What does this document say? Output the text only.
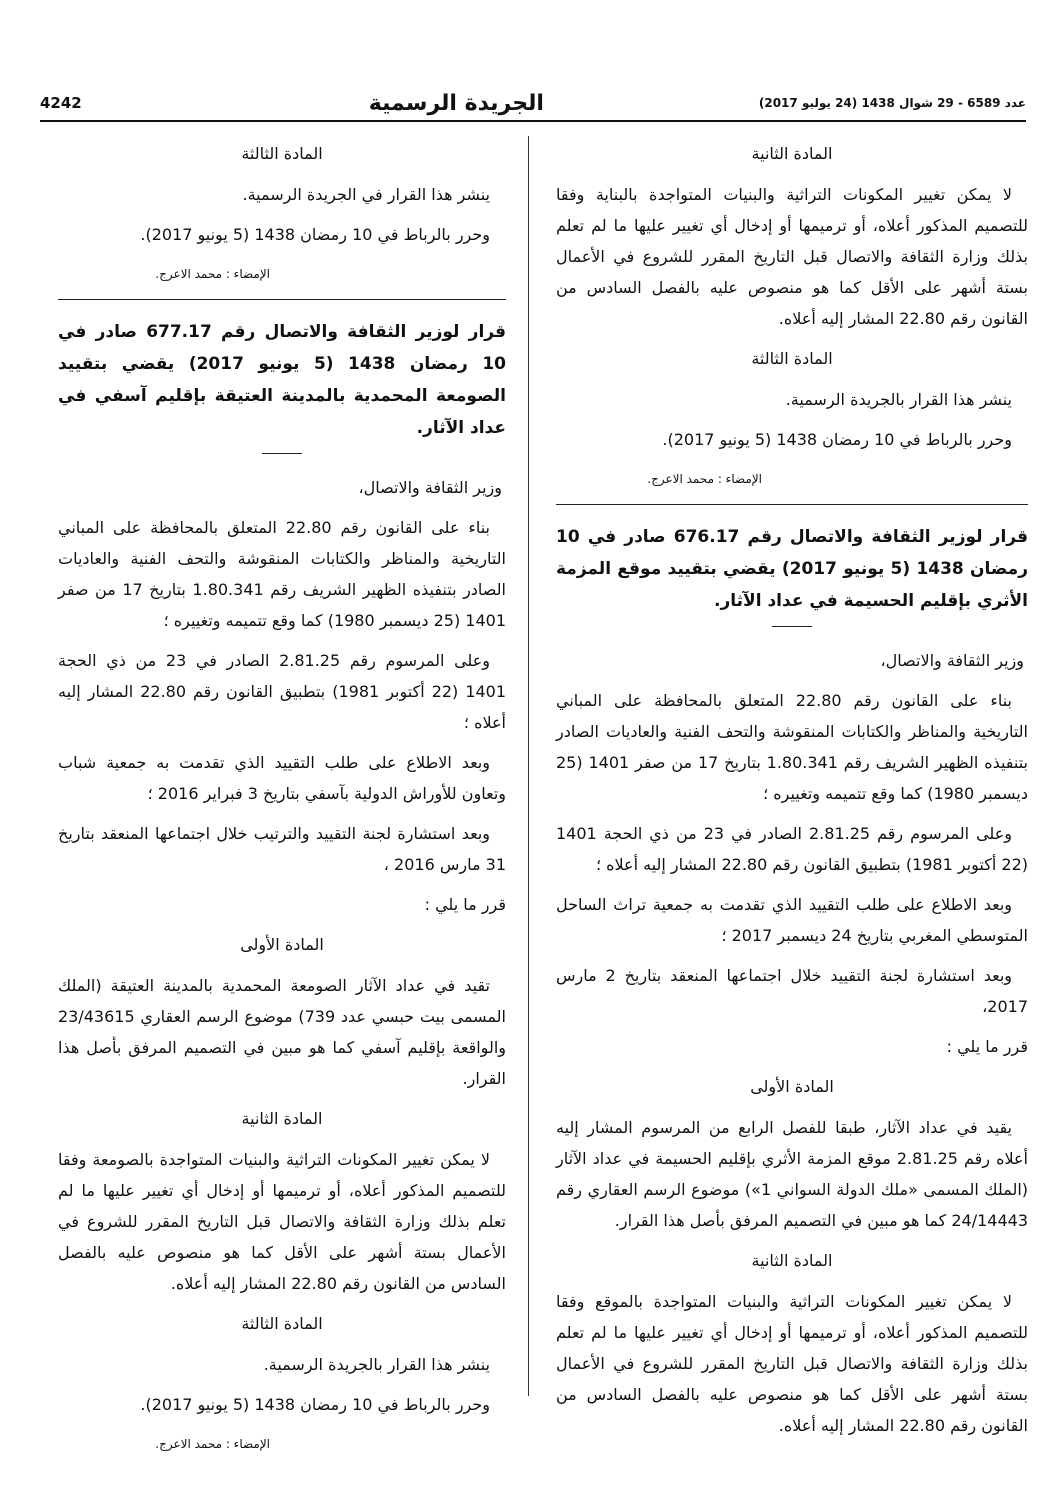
4242	الجريدة الرسمية	عدد 6589 - 29 شوال 1438 (24 يوليو 2017)

المادة الثانية

لا يمكن تغيير المكونات التراثية والبنيات المتواجدة بالبناية وفقا للتصميم المذكور أعلاه، أو ترميمها أو إدخال أي تغيير عليها ما لم تعلم بذلك وزارة الثقافة والاتصال قبل التاريخ المقرر للشروع في الأعمال بستة أشهر على الأقل كما هو منصوص عليه بالفصل السادس من القانون رقم 22.80 المشار إليه أعلاه.

المادة الثالثة

ينشر هذا القرار بالجريدة الرسمية.

وحرر بالرباط في 10 رمضان 1438 (5 يونيو 2017).

الإمضاء : محمد الاعرج.

قرار لوزير الثقافة والاتصال رقم 676.17 صادر في 10 رمضان 1438 (5 يونيو 2017) يقضي بتقييد موقع المزمة الأثري بإقليم الحسيمة في عداد الآثار.

وزير الثقافة والاتصال،

بناء على القانون رقم 22.80 المتعلق بالمحافظة على المباني التاريخية والمناظر والكتابات المنقوشة والتحف الفنية والعاديات الصادر بتنفيذه الظهير الشريف رقم 1.80.341 بتاريخ 17 من صفر 1401 (25 ديسمبر 1980) كما وقع تتميمه وتغييره ؛

وعلى المرسوم رقم 2.81.25 الصادر في 23 من ذي الحجة 1401 (22 أكتوبر 1981) بتطبيق القانون رقم 22.80 المشار إليه أعلاه ؛

وبعد الاطلاع على طلب التقييد الذي تقدمت به جمعية تراث الساحل المتوسطي المغربي بتاريخ 24 ديسمبر 2017 ؛

وبعد استشارة لجنة التقييد خلال اجتماعها المنعقد بتاريخ 2 مارس 2017،

قرر ما يلي :

المادة الأولى

يقيد في عداد الآثار، طبقا للفصل الرابع من المرسوم المشار إليه أعلاه رقم 2.81.25 موقع المزمة الأثري بإقليم الحسيمة في عداد الآثار (الملك المسمى «ملك الدولة السواني 1») موضوع الرسم العقاري رقم 24/14443 كما هو مبين في التصميم المرفق بأصل هذا القرار.

المادة الثانية

لا يمكن تغيير المكونات التراثية والبنيات المتواجدة بالموقع وفقا للتصميم المذكور أعلاه، أو ترميمها أو إدخال أي تغيير عليها ما لم تعلم بذلك وزارة الثقافة والاتصال قبل التاريخ المقرر للشروع في الأعمال بستة أشهر على الأقل كما هو منصوص عليه بالفصل السادس من القانون رقم 22.80 المشار إليه أعلاه.

المادة الثالثة

ينشر هذا القرار في الجريدة الرسمية.

وحرر بالرباط في 10 رمضان 1438 (5 يونيو 2017).

الإمضاء : محمد الاعرج.

قرار لوزير الثقافة والاتصال رقم 677.17 صادر في 10 رمضان 1438 (5 يونيو 2017) يقضي بتقييد الصومعة المحمدية بالمدينة العتيقة بإقليم آسفي في عداد الآثار.

وزير الثقافة والاتصال،

بناء على القانون رقم 22.80 المتعلق بالمحافظة على المباني التاريخية والمناظر والكتابات المنقوشة والتحف الفنية والعاديات الصادر بتنفيذه الظهير الشريف رقم 1.80.341 بتاريخ 17 من صفر 1401 (25 ديسمبر 1980) كما وقع تتميمه وتغييره ؛

وعلى المرسوم رقم 2.81.25 الصادر في 23 من ذي الحجة 1401 (22 أكتوبر 1981) بتطبيق القانون رقم 22.80 المشار إليه أعلاه ؛

وبعد الاطلاع على طلب التقييد الذي تقدمت به جمعية شباب وتعاون للأوراش الدولية بآسفي بتاريخ 3 فبراير 2016 ؛

وبعد استشارة لجنة التقييد والترتيب خلال اجتماعها المنعقد بتاريخ 31 مارس 2016 ،

قرر ما يلي :

المادة الأولى

تقيد في عداد الآثار الصومعة المحمدية بالمدينة العتيقة (الملك المسمى بيت حبسي عدد 739) موضوع الرسم العقاري 23/43615 والواقعة بإقليم آسفي كما هو مبين في التصميم المرفق بأصل هذا القرار.

المادة الثانية

لا يمكن تغيير المكونات التراثية والبنيات المتواجدة بالصومعة وفقا للتصميم المذكور أعلاه، أو ترميمها أو إدخال أي تغيير عليها ما لم تعلم بذلك وزارة الثقافة والاتصال قبل التاريخ المقرر للشروع في الأعمال بستة أشهر على الأقل كما هو منصوص عليه بالفصل السادس من القانون رقم 22.80 المشار إليه أعلاه.

المادة الثالثة

ينشر هذا القرار بالجريدة الرسمية.

وحرر بالرباط في 10 رمضان 1438 (5 يونيو 2017).

الإمضاء : محمد الاعرج.
